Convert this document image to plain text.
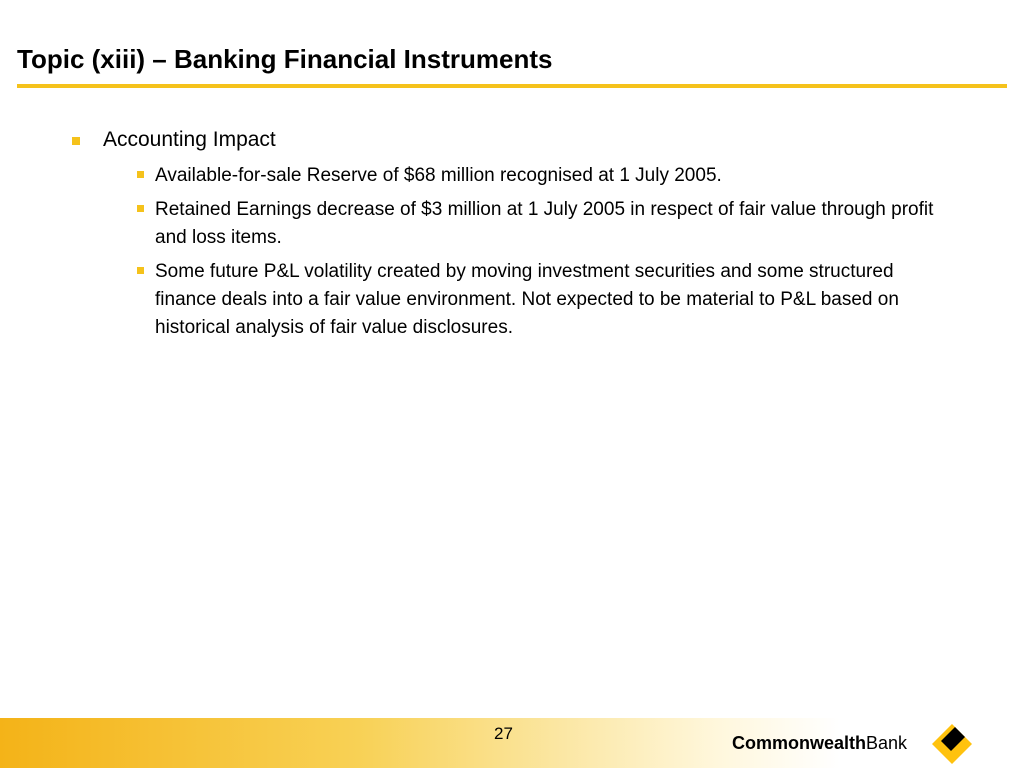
Topic (xiii) – Banking Financial Instruments
Accounting Impact
Available-for-sale Reserve of $68 million recognised at 1 July 2005.
Retained Earnings decrease of $3 million at 1 July 2005 in respect of fair value through profit and loss items.
Some future P&L volatility created by moving investment securities and some structured finance deals into a fair value environment. Not expected to be material to P&L based on historical analysis of fair value disclosures.
27	CommonwealthBank
